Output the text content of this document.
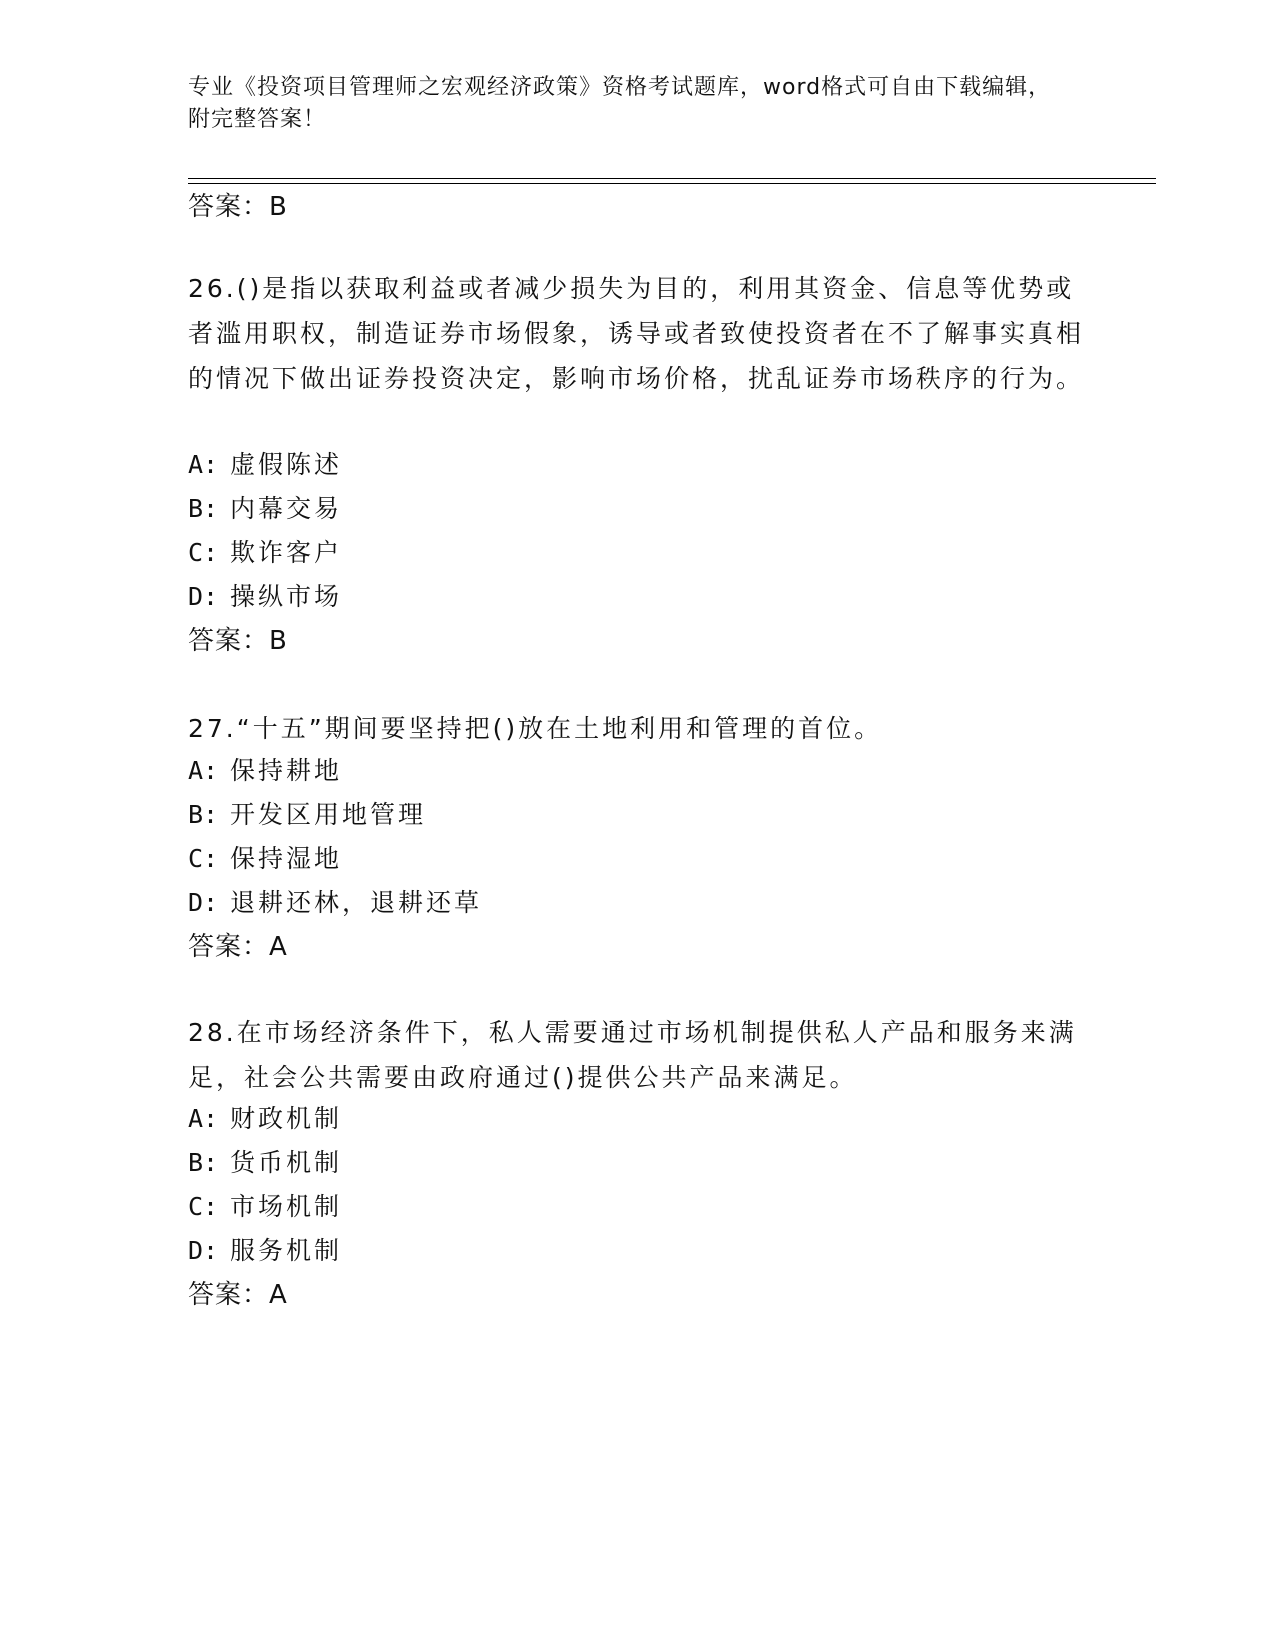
专业《投资项目管理师之宏观经济政策》资格考试题库，word格式可自由下载编辑，附完整答案！
答案：B
26.()是指以获取利益或者减少损失为目的，利用其资金、信息等优势或者滥用职权，制造证券市场假象，诱导或者致使投资者在不了解事实真相的情况下做出证券投资决定，影响市场价格，扰乱证券市场秩序的行为。
A: 虚假陈述
B: 内幕交易
C: 欺诈客户
D: 操纵市场
答案：B
27.“十五”期间要坚持把()放在土地利用和管理的首位。
A: 保持耕地
B: 开发区用地管理
C: 保持湿地
D: 退耕还林，退耕还草
答案：A
28.在市场经济条件下，私人需要通过市场机制提供私人产品和服务来满足，社会公共需要由政府通过()提供公共产品来满足。
A: 财政机制
B: 货币机制
C: 市场机制
D: 服务机制
答案：A
